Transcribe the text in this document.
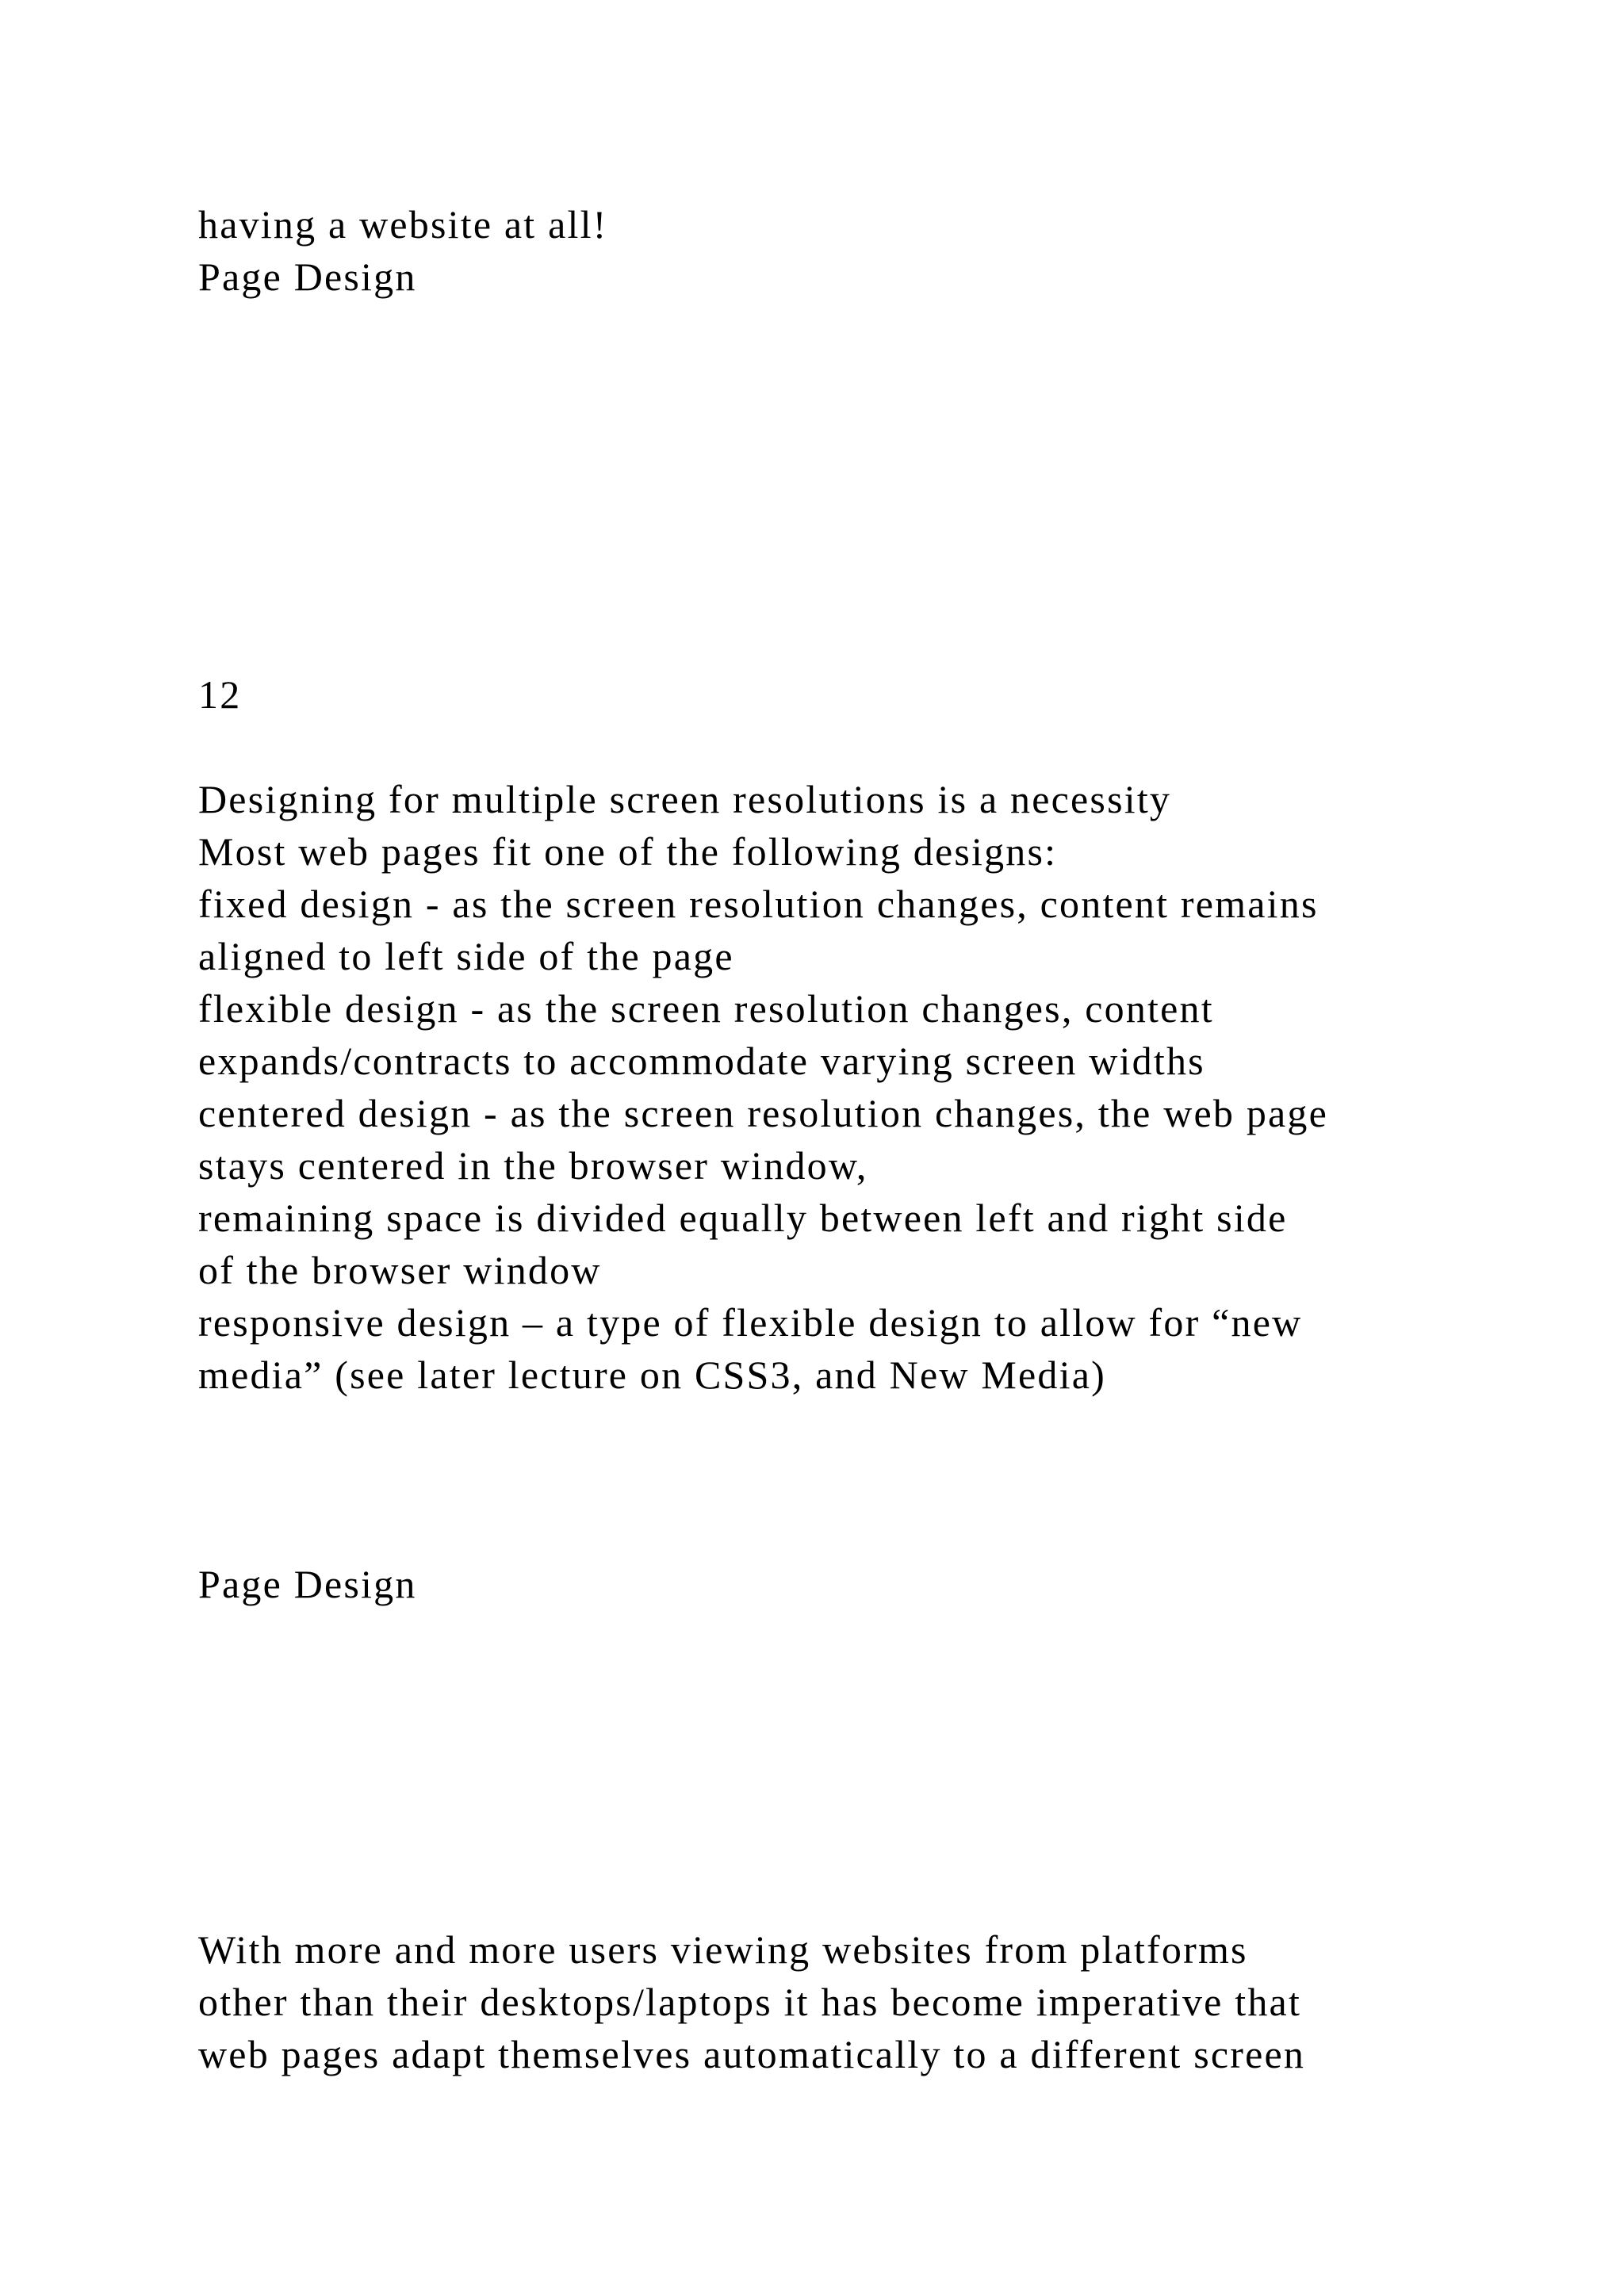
having a website at all!
Page Design
12
Designing for multiple screen resolutions is a necessity
Most web pages fit one of the following designs:
fixed design - as the screen resolution changes, content remains
aligned to left side of the page
flexible design - as the screen resolution changes, content
expands/contracts to accommodate varying screen widths
centered design - as the screen resolution changes, the web page
stays centered in the browser window,
remaining space is divided equally between left and right side
of the browser window
responsive design – a type of flexible design to allow for “new
media” (see later lecture on CSS3, and New Media)
Page Design
With more and more users viewing websites from platforms
other than their desktops/laptops it has become imperative that
web pages adapt themselves automatically to a different screen
